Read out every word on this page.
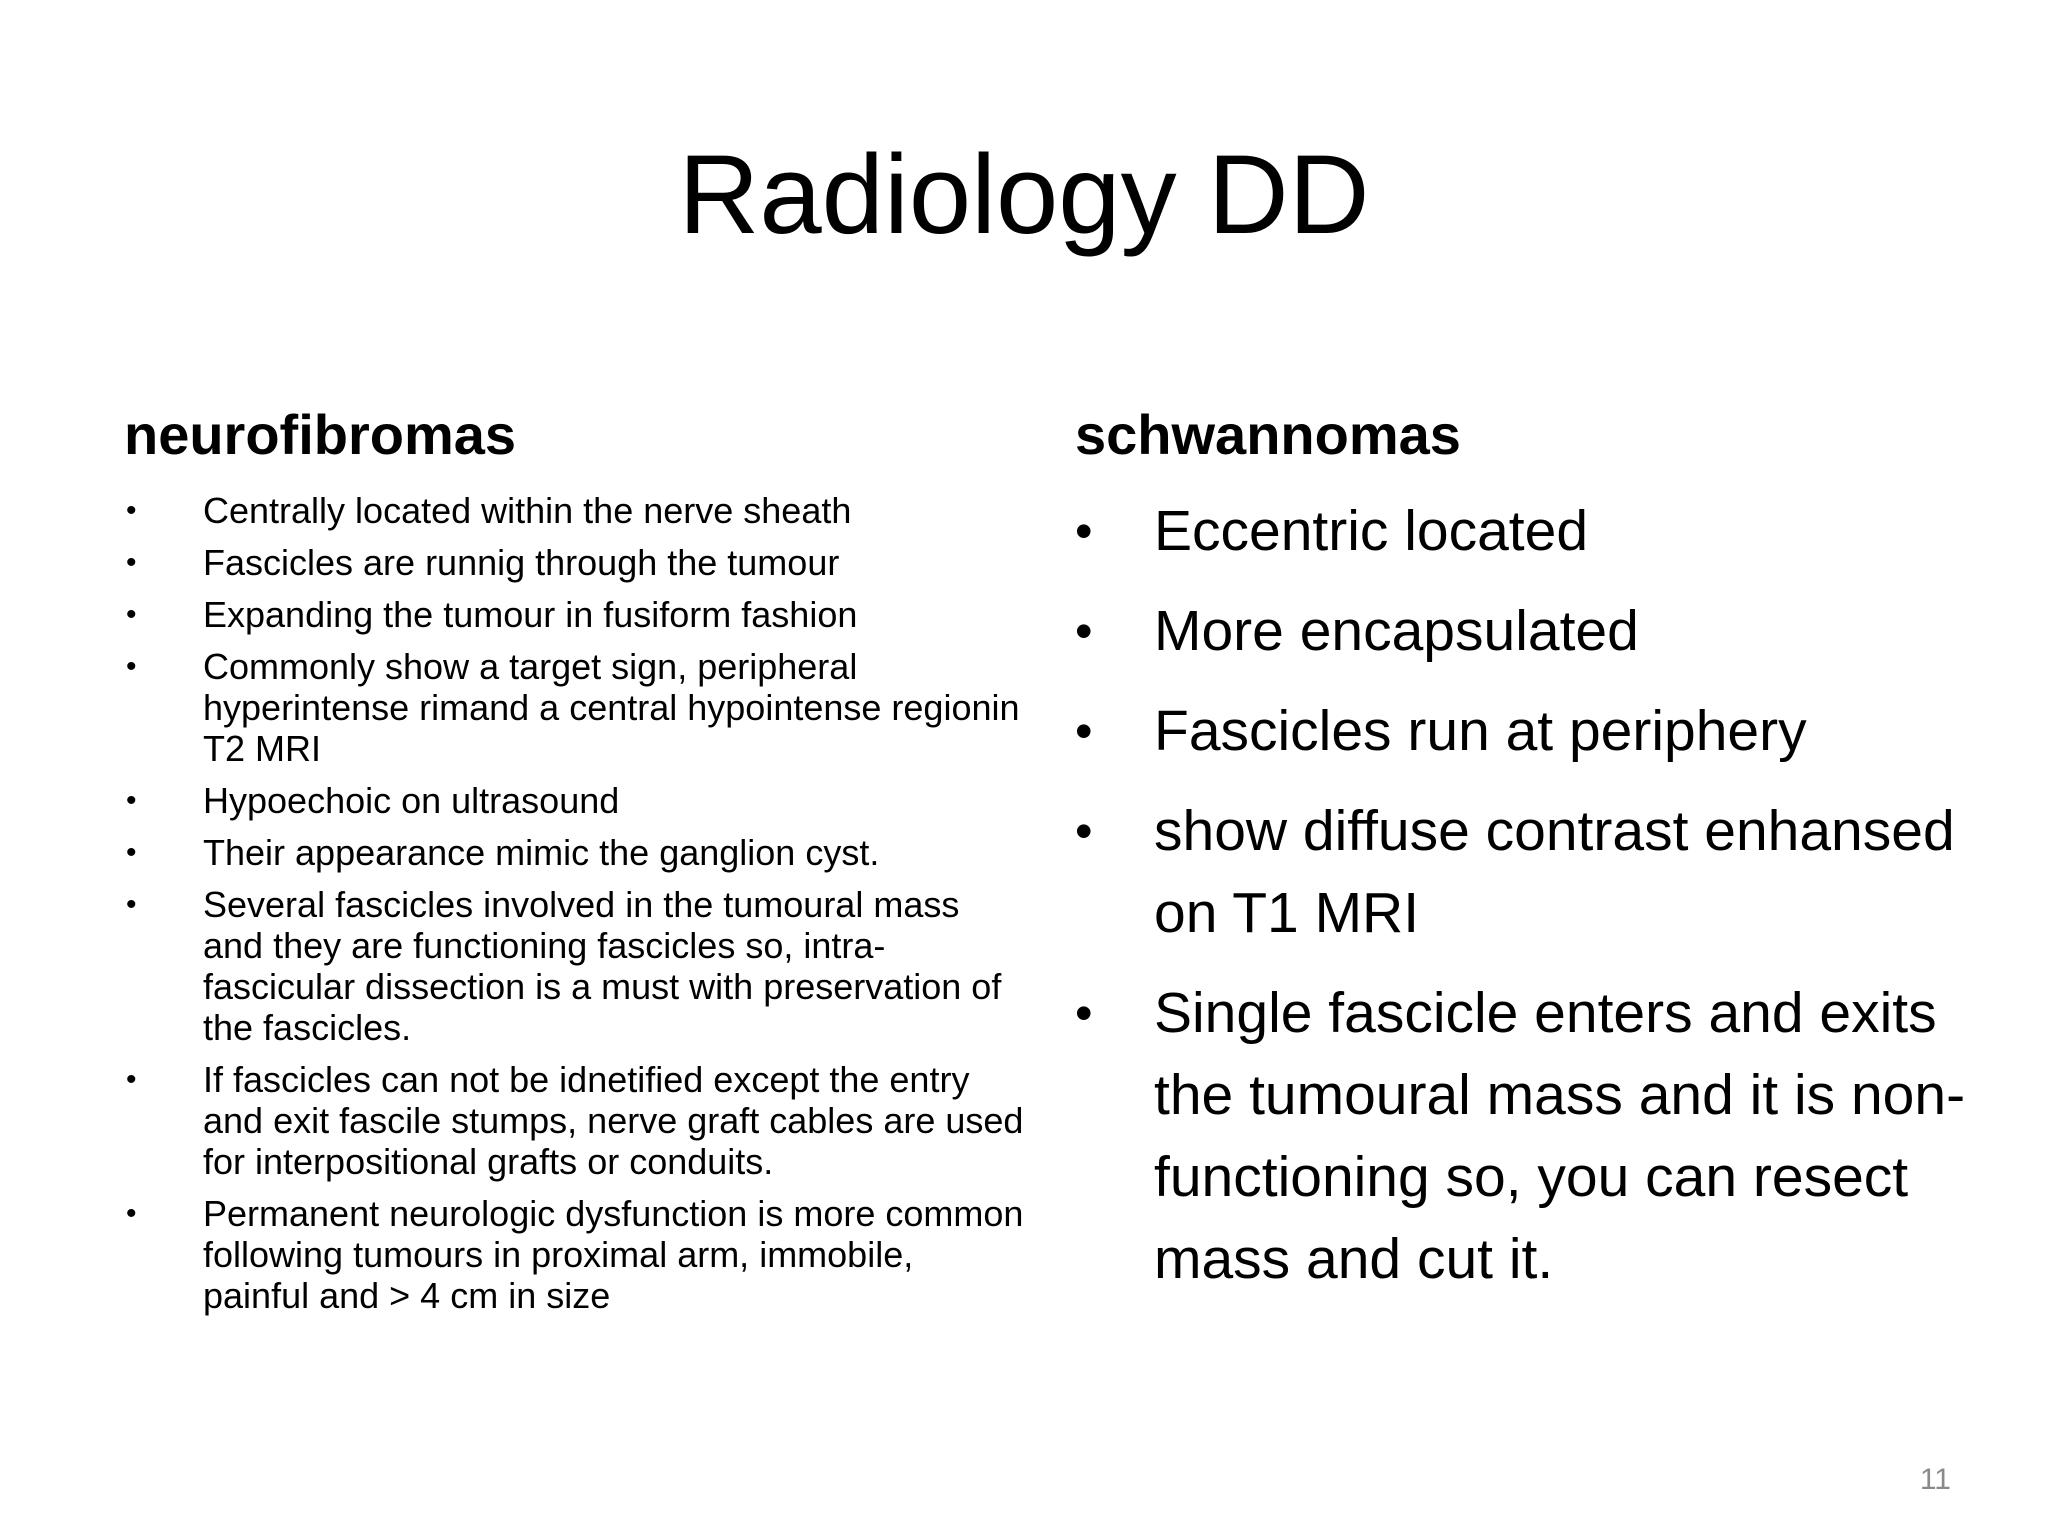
Radiology DD
neurofibromas
• Centrally located within the nerve sheath
• Fascicles are runnig through the tumour
• Expanding the tumour in fusiform fashion
• Commonly show a target sign, peripheral hyperintense rimand a central hypointense regionin T2 MRI
• Hypoechoic on ultrasound
• Their appearance mimic the ganglion cyst.
• Several fascicles involved in the tumoural mass and they are functioning fascicles so, intra-fascicular dissection is a must with preservation of the fascicles.
• If fascicles can not be idnetified except the entry and exit fascile stumps, nerve graft cables are used for interpositional grafts or conduits.
• Permanent neurologic dysfunction is more common following tumours in proximal arm, immobile, painful and > 4 cm in size
schwannomas
• Eccentric located
• More encapsulated
• Fascicles run at periphery
• show diffuse contrast enhansed on T1 MRI
• Single fascicle enters and exits the tumoural mass and it is non-functioning so, you can resect mass and cut it.
11
